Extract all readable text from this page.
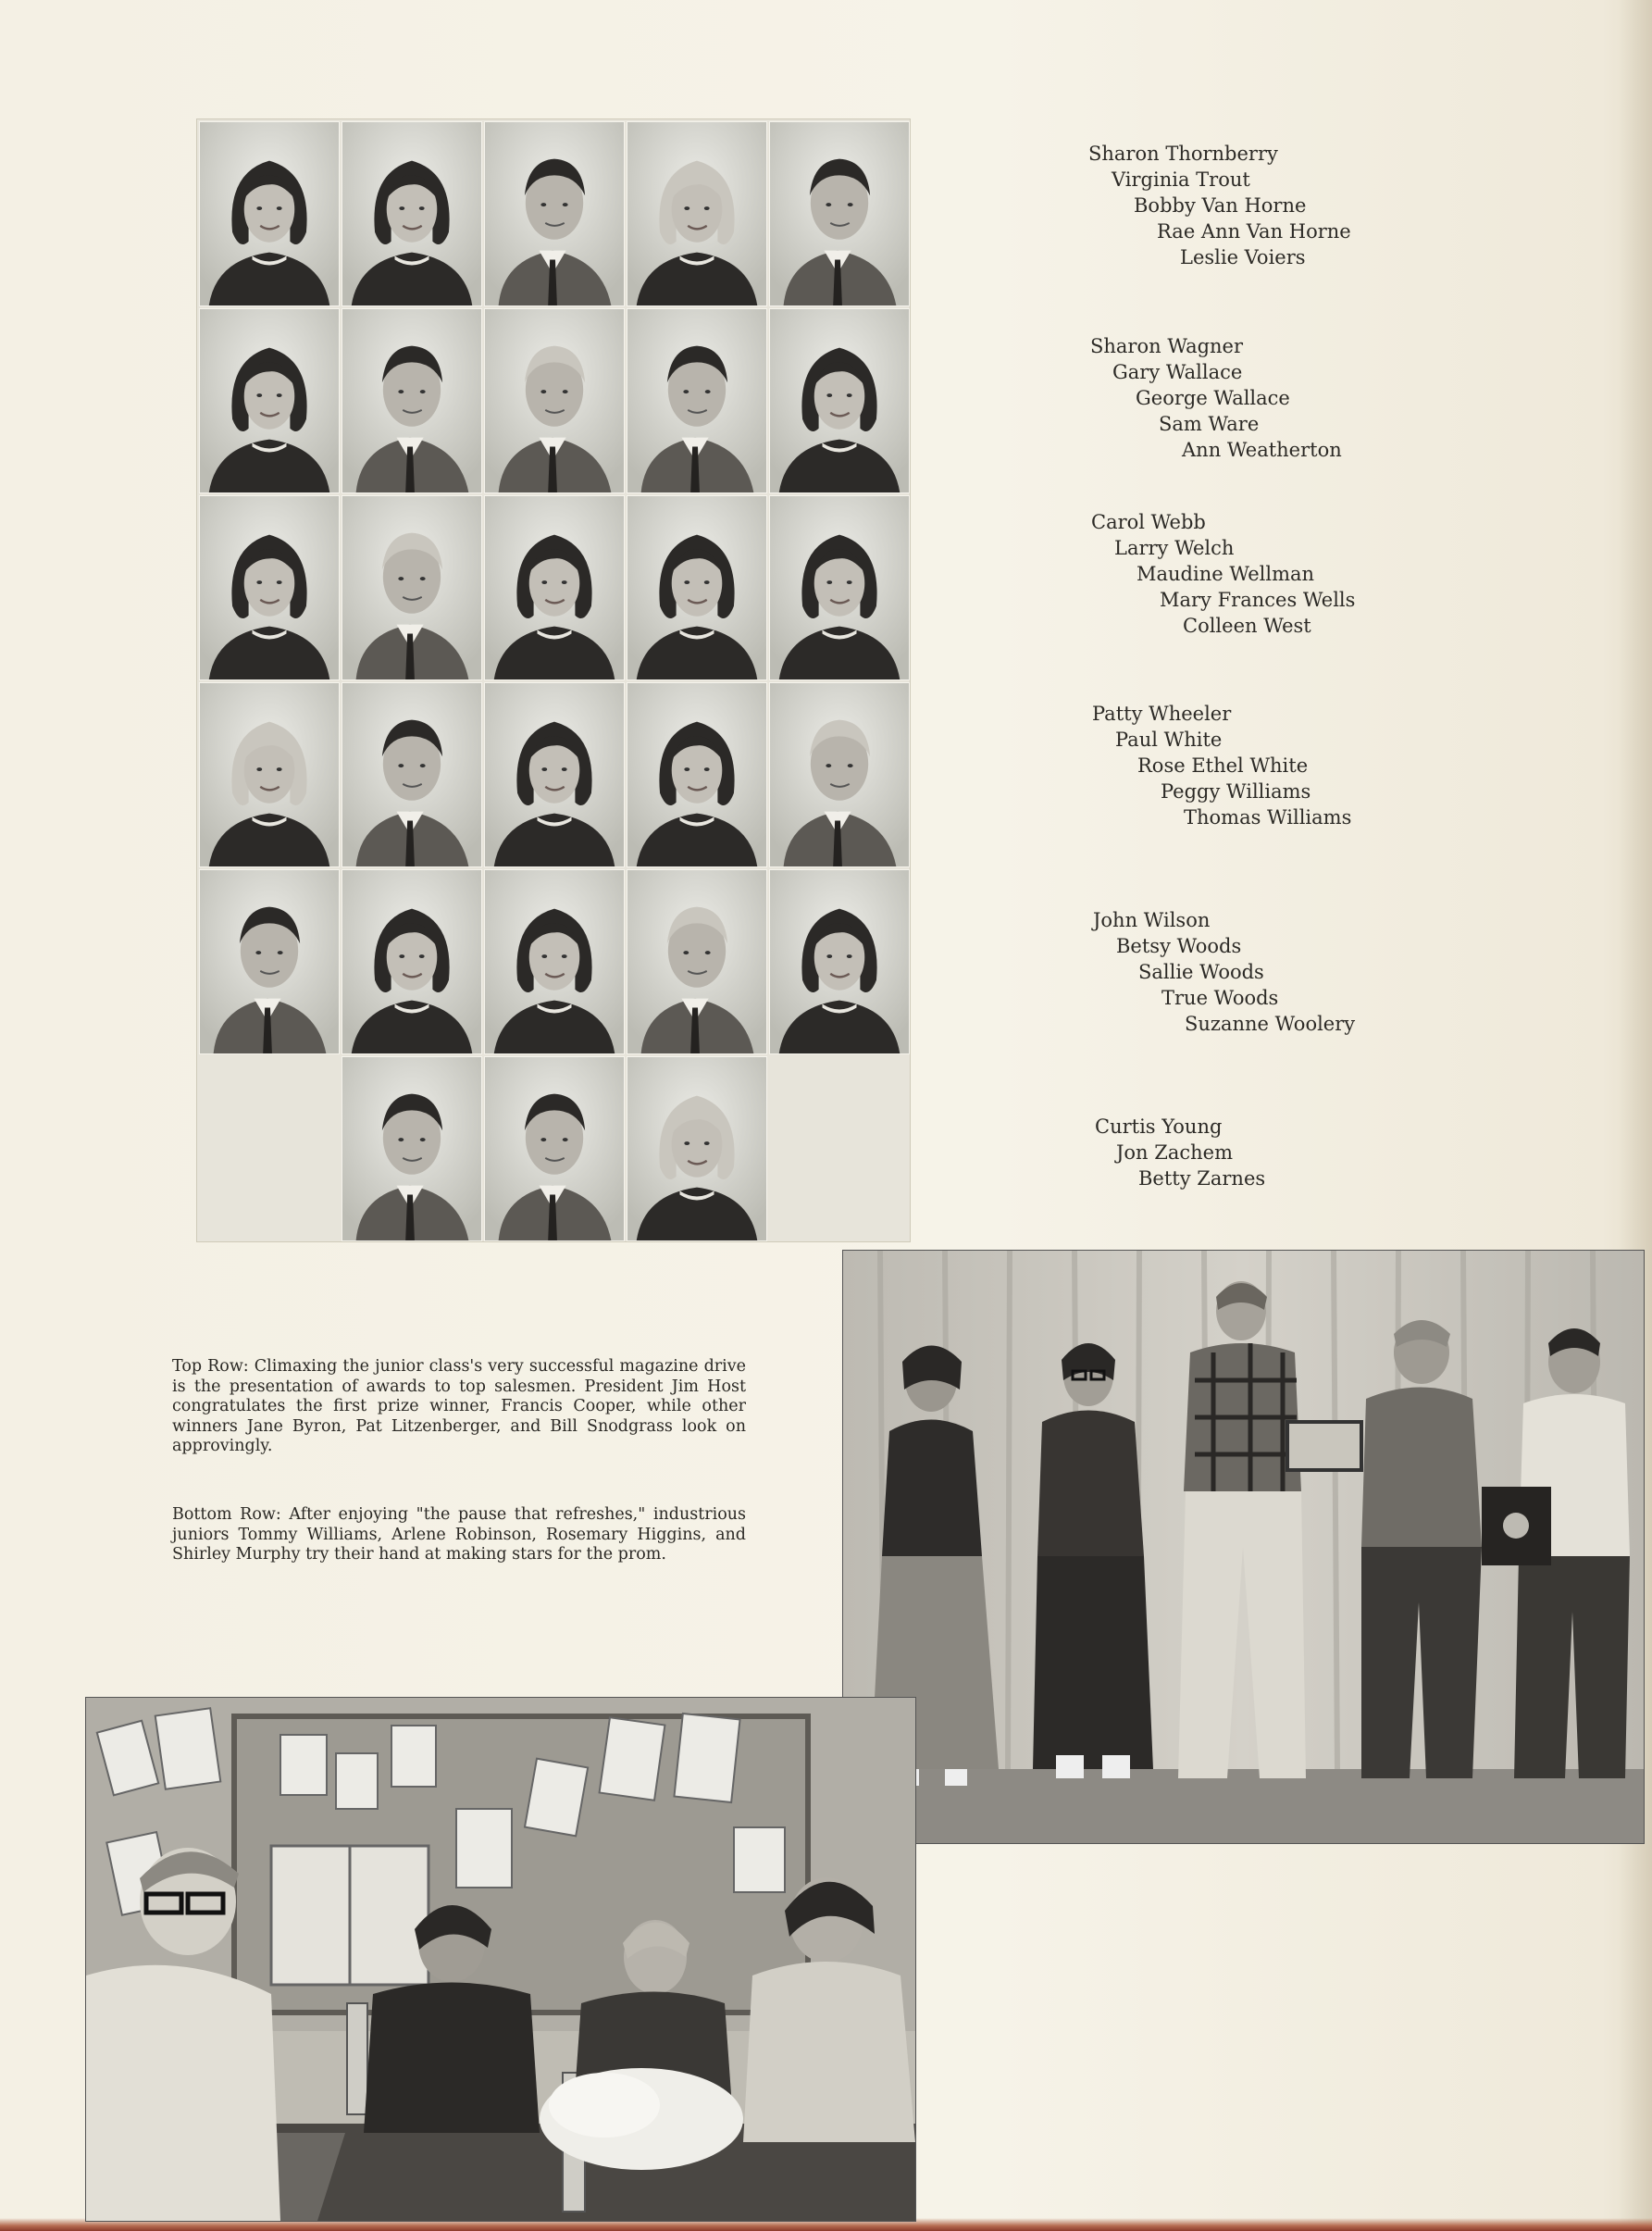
Sharon Thornberry
Virginia Trout
Bobby Van Horne
Rae Ann Van Horne
Leslie Voiers
Sharon Wagner
Gary Wallace
George Wallace
Sam Ware
Ann Weatherton
Carol Webb
Larry Welch
Maudine Wellman
Mary Frances Wells
Colleen West
Patty Wheeler
Paul White
Rose Ethel White
Peggy Williams
Thomas Williams
John Wilson
Betsy Woods
Sallie Woods
True Woods
Suzanne Woolery
Curtis Young
Jon Zachem
Betty Zarnes
Top Row: Climaxing the junior class's very successful magazine drive is the presentation of awards to top salesmen. President Jim Host congratulates the first prize winner, Francis Cooper, while other winners Jane Byron, Pat Litzenberger, and Bill Snodgrass look on approvingly.
Bottom Row: After enjoying "the pause that refreshes," industrious juniors Tommy Williams, Arlene Robinson, Rosemary Higgins, and Shirley Murphy try their hand at making stars for the prom.
